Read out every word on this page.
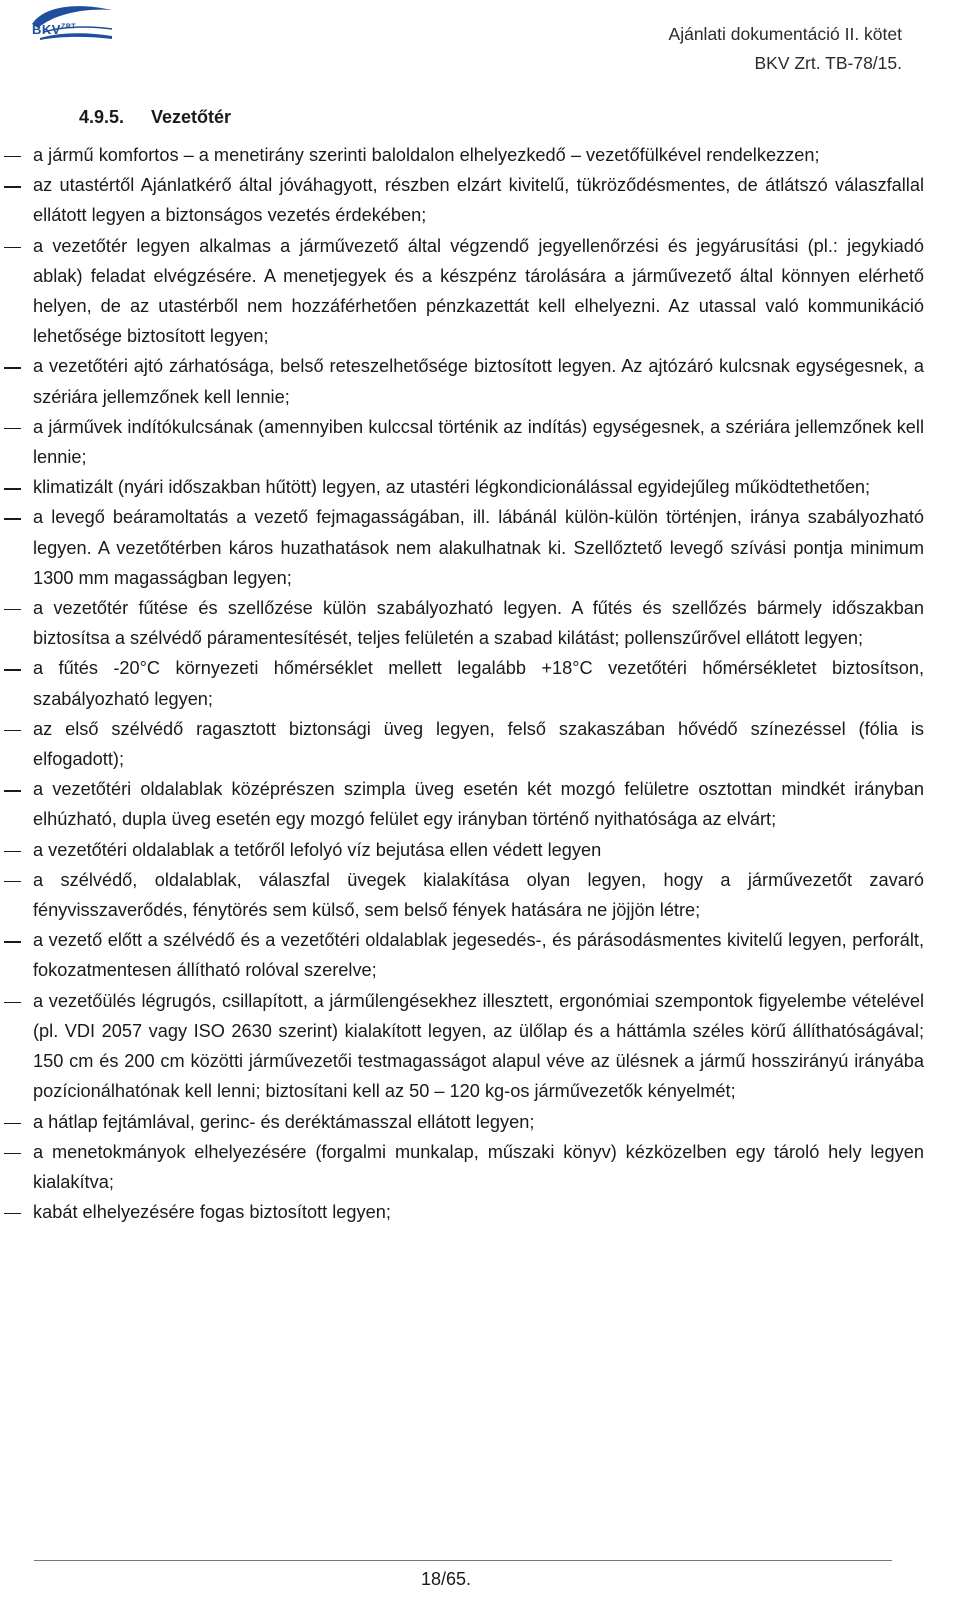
$BKV^{ZRT}$	Ajánlati dokumentáció II. kötet
BKV Zrt. TB-78/15.
4.9.5. Vezetőtér
a jármű komfortos – a menetirány szerinti baloldalon elhelyezkedő – vezetőfülkével rendelkezzen;
az utastértől Ajánlatkérő által jóváhagyott, részben elzárt kivitelű, tükröződésmentes, de átlátszó válaszfallal ellátott legyen a biztonságos vezetés érdekében;
a vezetőtér legyen alkalmas a járművezető által végzendő jegyellenőrzési és jegyárusítási (pl.: jegykiadó ablak) feladat elvégzésére. A menetjegyek és a készpénz tárolására a járművezető által könnyen elérhető helyen, de az utastérből nem hozzáférhetően pénzkazettát kell elhelyezni. Az utassal való kommunikáció lehetősége biztosított legyen;
a vezetőtéri ajtó zárhatósága, belső reteszelhetősége biztosított legyen. Az ajtózáró kulcsnak egységesnek, a szériára jellemzőnek kell lennie;
a járművek indítókulcsának (amennyiben kulccsal történik az indítás) egységesnek, a szériára jellemzőnek kell lennie;
klimatizált (nyári időszakban hűtött) legyen, az utastéri légkondicionálással egyidejűleg működtethetően;
a levegő beáramoltatás a vezető fejmagasságában, ill. lábánál külön-külön történjen, iránya szabályozható legyen. A vezetőtérben káros huzathatások nem alakulhatnak ki. Szellőztető levegő szívási pontja minimum 1300 mm magasságban legyen;
a vezetőtér fűtése és szellőzése külön szabályozható legyen. A fűtés és szellőzés bármely időszakban biztosítsa a szélvédő páramentesítését, teljes felületén a szabad kilátást; pollenszűrővel ellátott legyen;
a fűtés -20°C környezeti hőmérséklet mellett legalább +18°C vezetőtéri hőmérsékletet biztosítson, szabályozható legyen;
az első szélvédő ragasztott biztonsági üveg legyen, felső szakaszában hővédő színezéssel (fólia is elfogadott);
a vezetőtéri oldalablak középrészen szimpla üveg esetén két mozgó felületre osztottan mindkét irányban elhúzható, dupla üveg esetén egy mozgó felület egy irányban történő nyithatósága az elvárt;
a vezetőtéri oldalablak a tetőről lefolyó víz bejutása ellen védett legyen
a szélvédő, oldalablak, válaszfal üvegek kialakítása olyan legyen, hogy a járművezetőt zavaró fényvisszaverődés, fénytörés sem külső, sem belső fények hatására ne jöjjön létre;
a vezető előtt a szélvédő és a vezetőtéri oldalablak jegesedés-, és párásodásmentes kivitelű legyen, perforált, fokozatmentesen állítható rolóval szerelve;
a vezetőülés légrugós, csillapított, a járműlengésekhez illesztett, ergonómiai szempontok figyelembe vételével (pl. VDI 2057 vagy ISO 2630 szerint) kialakított legyen, az ülőlap és a háttámla széles körű állíthatóságával; 150 cm és 200 cm közötti járművezetői testmagasságot alapul véve az ülésnek a jármű hosszirányú irányába pozícionálhatónak kell lenni; biztosítani kell az 50 – 120 kg-os járművezetők kényelmét;
a hátlap fejtámlával, gerinc- és deréktámasszal ellátott legyen;
a menetokmányok elhelyezésére (forgalmi munkalap, műszaki könyv) kézközelben egy tároló hely legyen kialakítva;
kabát elhelyezésére fogas biztosított legyen;
18/65.
